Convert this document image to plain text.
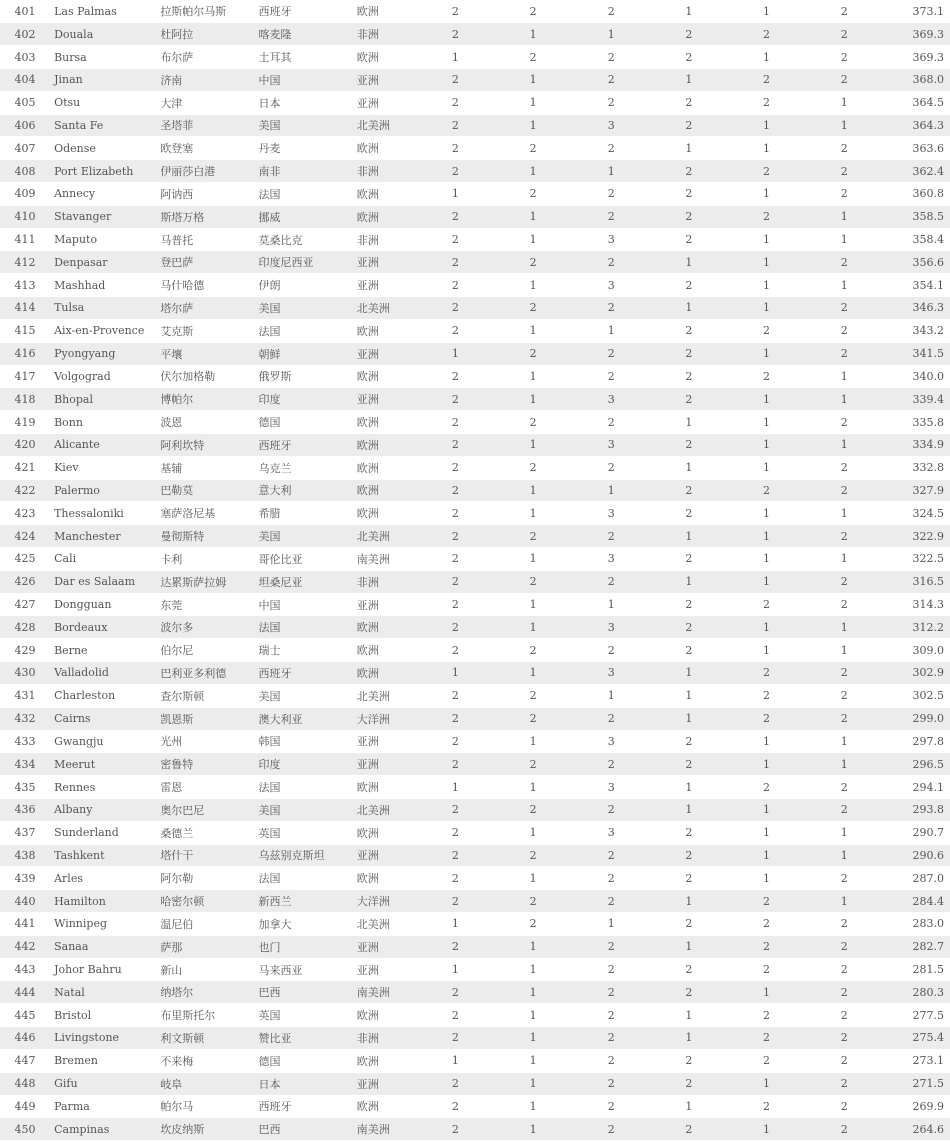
401	Las Palmas	拉斯帕尔马斯	西班牙	欧洲	2	2	2	1	1	2	373.1
402	Douala	杜阿拉	喀麦隆	非洲	2	1	1	2	2	2	369.3
403	Bursa	布尔萨	土耳其	欧洲	1	2	2	2	1	2	369.3
404	Jinan	济南	中国	亚洲	2	1	2	1	2	2	368.0
405	Otsu	大津	日本	亚洲	2	1	2	2	2	1	364.5
406	Santa Fe	圣塔菲	美国	北美洲	2	1	3	2	1	1	364.3
407	Odense	欧登塞	丹麦	欧洲	2	2	2	1	1	2	363.6
408	Port Elizabeth	伊丽莎白港	南非	非洲	2	1	1	2	2	2	362.4
409	Annecy	阿讷西	法国	欧洲	1	2	2	2	1	2	360.8
410	Stavanger	斯塔万格	挪威	欧洲	2	1	2	2	2	1	358.5
411	Maputo	马普托	莫桑比克	非洲	2	1	3	2	1	1	358.4
412	Denpasar	登巴萨	印度尼西亚	亚洲	2	2	2	1	1	2	356.6
413	Mashhad	马什哈德	伊朗	亚洲	2	1	3	2	1	1	354.1
414	Tulsa	塔尔萨	美国	北美洲	2	2	2	1	1	2	346.3
415	Aix-en-Provence	艾克斯	法国	欧洲	2	1	1	2	2	2	343.2
416	Pyongyang	平壤	朝鲜	亚洲	1	2	2	2	1	2	341.5
417	Volgograd	伏尔加格勒	俄罗斯	欧洲	2	1	2	2	2	1	340.0
418	Bhopal	博帕尔	印度	亚洲	2	1	3	2	1	1	339.4
419	Bonn	波恩	德国	欧洲	2	2	2	1	1	2	335.8
420	Alicante	阿利坎特	西班牙	欧洲	2	1	3	2	1	1	334.9
421	Kiev	基辅	乌克兰	欧洲	2	2	2	1	1	2	332.8
422	Palermo	巴勒莫	意大利	欧洲	2	1	1	2	2	2	327.9
423	Thessaloniki	塞萨洛尼基	希腊	欧洲	2	1	3	2	1	1	324.5
424	Manchester	曼彻斯特	美国	北美洲	2	2	2	1	1	2	322.9
425	Cali	卡利	哥伦比亚	南美洲	2	1	3	2	1	1	322.5
426	Dar es Salaam	达累斯萨拉姆	坦桑尼亚	非洲	2	2	2	1	1	2	316.5
427	Dongguan	东莞	中国	亚洲	2	1	1	2	2	2	314.3
428	Bordeaux	波尔多	法国	欧洲	2	1	3	2	1	1	312.2
429	Berne	伯尔尼	瑞士	欧洲	2	2	2	2	1	1	309.0
430	Valladolid	巴利亚多利德	西班牙	欧洲	1	1	3	1	2	2	302.9
431	Charleston	查尔斯顿	美国	北美洲	2	2	1	1	2	2	302.5
432	Cairns	凯恩斯	澳大利亚	大洋洲	2	2	2	1	2	2	299.0
433	Gwangju	光州	韩国	亚洲	2	1	3	2	1	1	297.8
434	Meerut	密鲁特	印度	亚洲	2	2	2	2	1	1	296.5
435	Rennes	雷恩	法国	欧洲	1	1	3	1	2	2	294.1
436	Albany	奥尔巴尼	美国	北美洲	2	2	2	1	1	2	293.8
437	Sunderland	桑德兰	英国	欧洲	2	1	3	2	1	1	290.7
438	Tashkent	塔什干	乌兹别克斯坦	亚洲	2	2	2	2	1	1	290.6
439	Arles	阿尔勒	法国	欧洲	2	1	2	2	1	2	287.0
440	Hamilton	哈密尔顿	新西兰	大洋洲	2	2	2	1	2	1	284.4
441	Winnipeg	温尼伯	加拿大	北美洲	1	2	1	2	2	2	283.0
442	Sanaa	萨那	也门	亚洲	2	1	2	1	2	2	282.7
443	Johor Bahru	新山	马来西亚	亚洲	1	1	2	2	2	2	281.5
444	Natal	纳塔尔	巴西	南美洲	2	1	2	2	1	2	280.3
445	Bristol	布里斯托尔	英国	欧洲	2	1	2	1	2	2	277.5
446	Livingstone	利文斯顿	赞比亚	非洲	2	1	2	1	2	2	275.4
447	Bremen	不来梅	德国	欧洲	1	1	2	2	2	2	273.1
448	Gifu	岐阜	日本	亚洲	2	1	2	2	1	2	271.5
449	Parma	帕尔马	西班牙	欧洲	2	1	2	1	2	2	269.9
450	Campinas	坎皮纳斯	巴西	南美洲	2	1	2	2	1	2	264.6
